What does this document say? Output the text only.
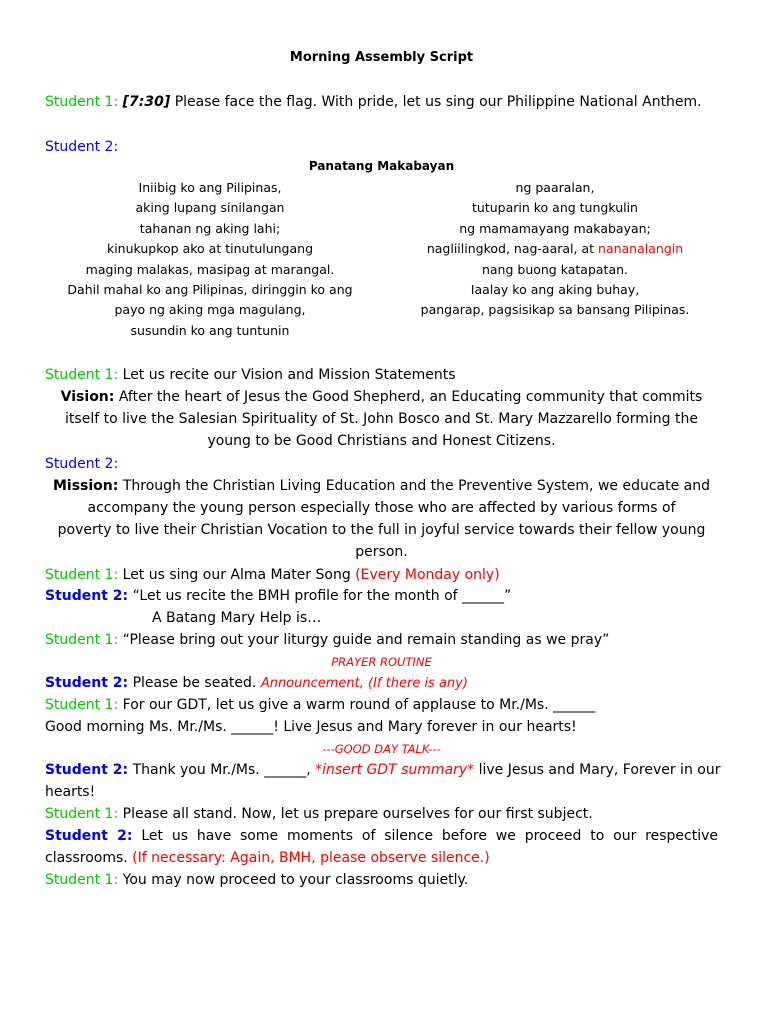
Morning Assembly Script
Student 1: [7:30] Please face the flag. With pride, let us sing our Philippine National Anthem.
Student 2:
Panatang Makabayan
Iniibig ko ang Pilipinas,
aking lupang sinilangan
tahanan ng aking lahi;
kinukupkop ako at tinutulungang
maging malakas, masipag at marangal.
Dahil mahal ko ang Pilipinas, diringgin ko ang
payo ng aking mga magulang,
susundin ko ang tuntunin
ng paaralan,
tutuparin ko ang tungkulin
ng mamamayang makabayan;
nagliilingkod, nag-aaral, at nananalangin
nang buong katapatan.
Iaalay ko ang aking buhay,
pangarap, pagsisikap sa bansang Pilipinas.
Student 1: Let us recite our Vision and Mission Statements
Vision: After the heart of Jesus the Good Shepherd, an Educating community that commits
itself to live the Salesian Spirituality of St. John Bosco and St. Mary Mazzarello forming the
young to be Good Christians and Honest Citizens.
Student 2:
Mission: Through the Christian Living Education and the Preventive System, we educate and
accompany the young person especially those who are affected by various forms of
poverty to live their Christian Vocation to the full in joyful service towards their fellow young
person.
Student 1: Let us sing our Alma Mater Song (Every Monday only)
Student 2: “Let us recite the BMH profile for the month of ______”
A Batang Mary Help is…
Student 1: “Please bring out your liturgy guide and remain standing as we pray”
PRAYER ROUTINE
Student 2: Please be seated. Announcement, (If there is any)
Student 1: For our GDT, let us give a warm round of applause to Mr./Ms. ______
Good morning Ms. Mr./Ms. ______! Live Jesus and Mary forever in our hearts!
---GOOD DAY TALK---
Student 2: Thank you Mr./Ms. ______, *insert GDT summary* live Jesus and Mary, Forever in our
hearts!
Student 1: Please all stand. Now, let us prepare ourselves for our first subject.
Student 2: Let us have some moments of silence before we proceed to our respective
classrooms. (If necessary: Again, BMH, please observe silence.)
Student 1: You may now proceed to your classrooms quietly.
